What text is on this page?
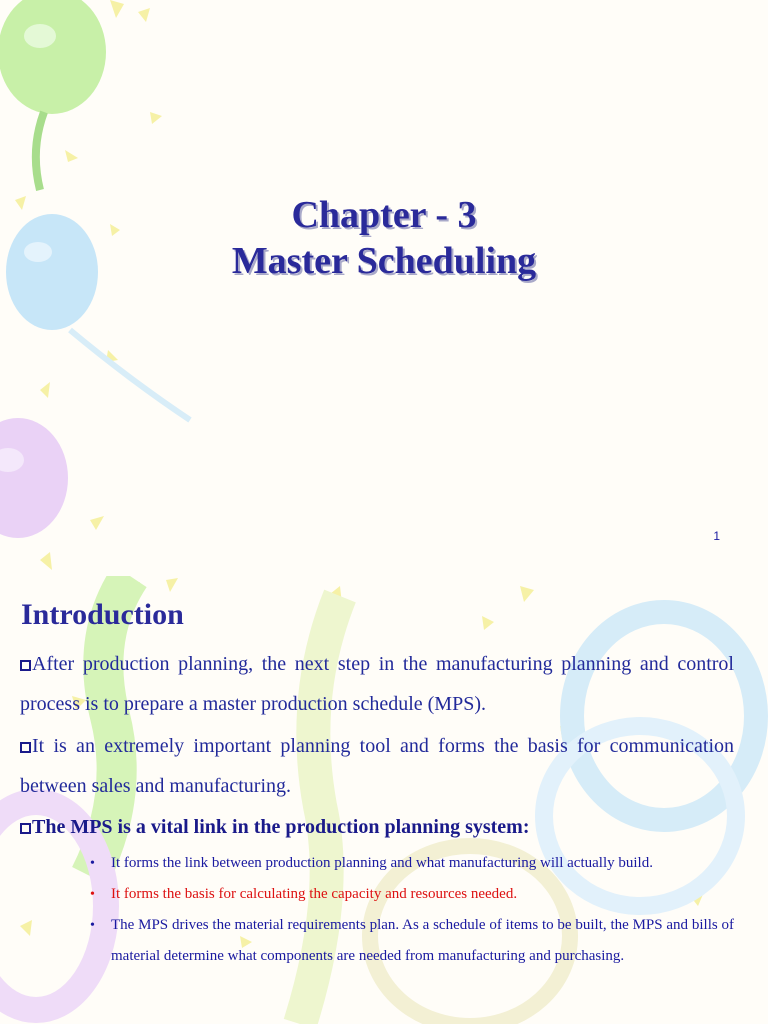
Chapter - 3
Master Scheduling
1
Introduction

After production planning, the next step in the manufacturing planning and control process is to prepare a master production schedule (MPS).

It is an extremely important planning tool and forms the basis for communication between sales and manufacturing.

The MPS is a vital link in the production planning system:

• It forms the link between production planning and what manufacturing will actually build.
• It forms the basis for calculating the capacity and resources needed.
• The MPS drives the material requirements plan. As a schedule of items to be built, the MPS and bills of material determine what components are needed from manufacturing and purchasing.
